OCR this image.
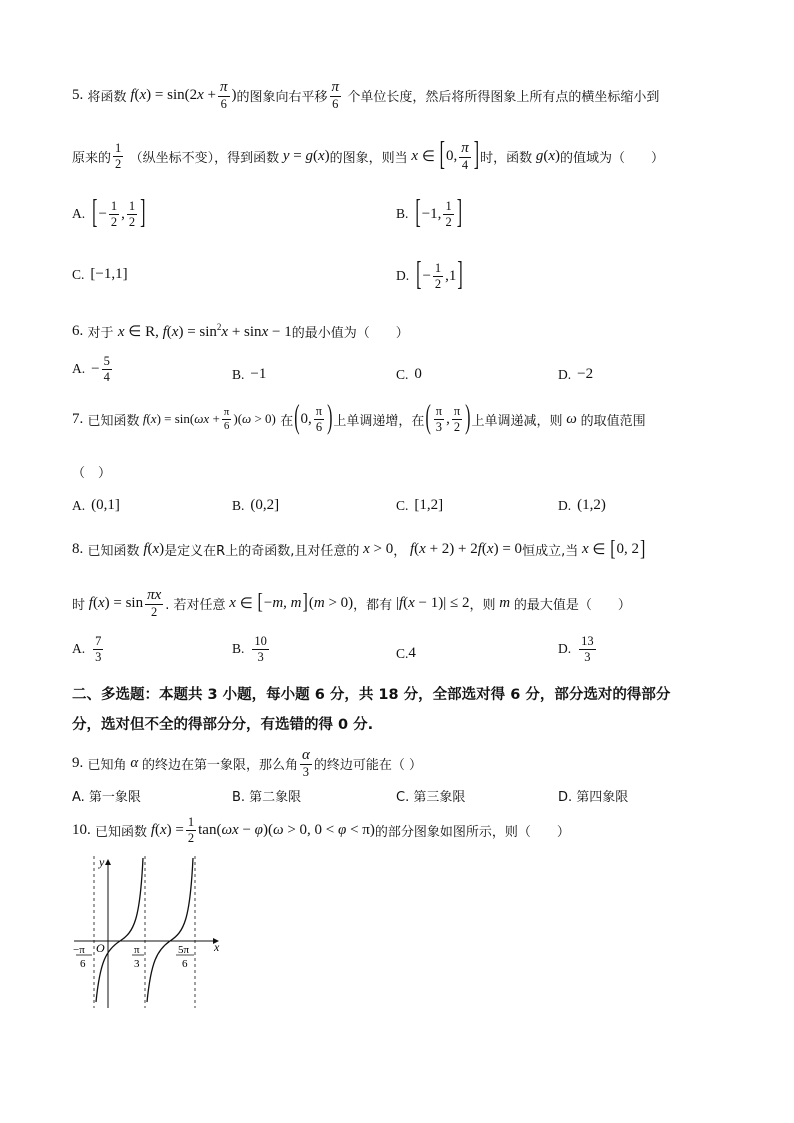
5.
将函数 f ( x ) = sin(2 $x + \frac{\pi}{6}$ ) 的图象向右平移 $\frac{\pi}{6}$
个单位长度，然后将所得图象上所有点的横坐标缩小到
原来的 $\frac{1}{2}$
（纵坐标不变），得到函数 y = g ( x ) 的图象，则当 x ∈ [ 0, $\frac{\pi}{4}$ ] 时，函数 g ( x ) 的值域为（　　）
A. [ − $\frac{1}{2}$ , $\frac{1}{2}$ ]	B. [ −1, $\frac{1}{2}$ ]
C. [−1,1]	D. [ − $\frac{1}{2} ,1$ ]
6.
对于
x ∈ R, $f(x) = \sin^2x + \sin x - 1$ 的最小值为（　　）
A. − $\frac{5}{4}$	B. −1	C. 0	D. −2
7.
已知函数 $f(x) = \sin(\omega x + \frac{\pi}{6} )(\omega > 0)$
在 ( 0, $\frac{\pi}{6}$ ) 上单调递增，在 ( $\frac{\pi}{3}$ , $\frac{\pi}{2}$ ) 上单调递减，则 ω 的取值范围
（　）
A. (0,1]	B. (0,2]	C. [1,2]	D. (1,2)
8.
已知函数 f ( x ) 是定义在R上的奇函数,且对任意的 x > 0 ， f ( x + 2) + 2 f ( x ) = 0 恒成立,当 x ∈ [ 0, 2 ]
时 f ( x ) = $\sin \frac{\pi x}{2}$ . 若对任意 x ∈ [ − m , m ] ( m > 0) ，都有 | f ( x − 1)| ≤ 2 ，则 m 的最大值是（　　）
A. $\frac{7}{3}$	B. $\frac{10}{3}$	C. 4	D. $\frac{13}{3}$
二、多选题：本题共 3 小题，每小题 6 分，共 18 分，全部选对得 6 分，部分选对的得部分
分，选对但不全的得部分分，有选错的得 0 分.
9.
已知角 α 的终边在第一象限，那么角 $\frac{\alpha}{3}$ 的终边可能在（ ）
A. 第一象限	B. 第二象限	C. 第三象限	D. 第四象限
10.
已知函数 f ( x ) = $\frac{1}{2} \tan$( ωx − φ )( ω > 0, 0 < φ < π) 的部分图象如图所示，则（　　）
y
x
O
−π
6
π
3
5π
6
